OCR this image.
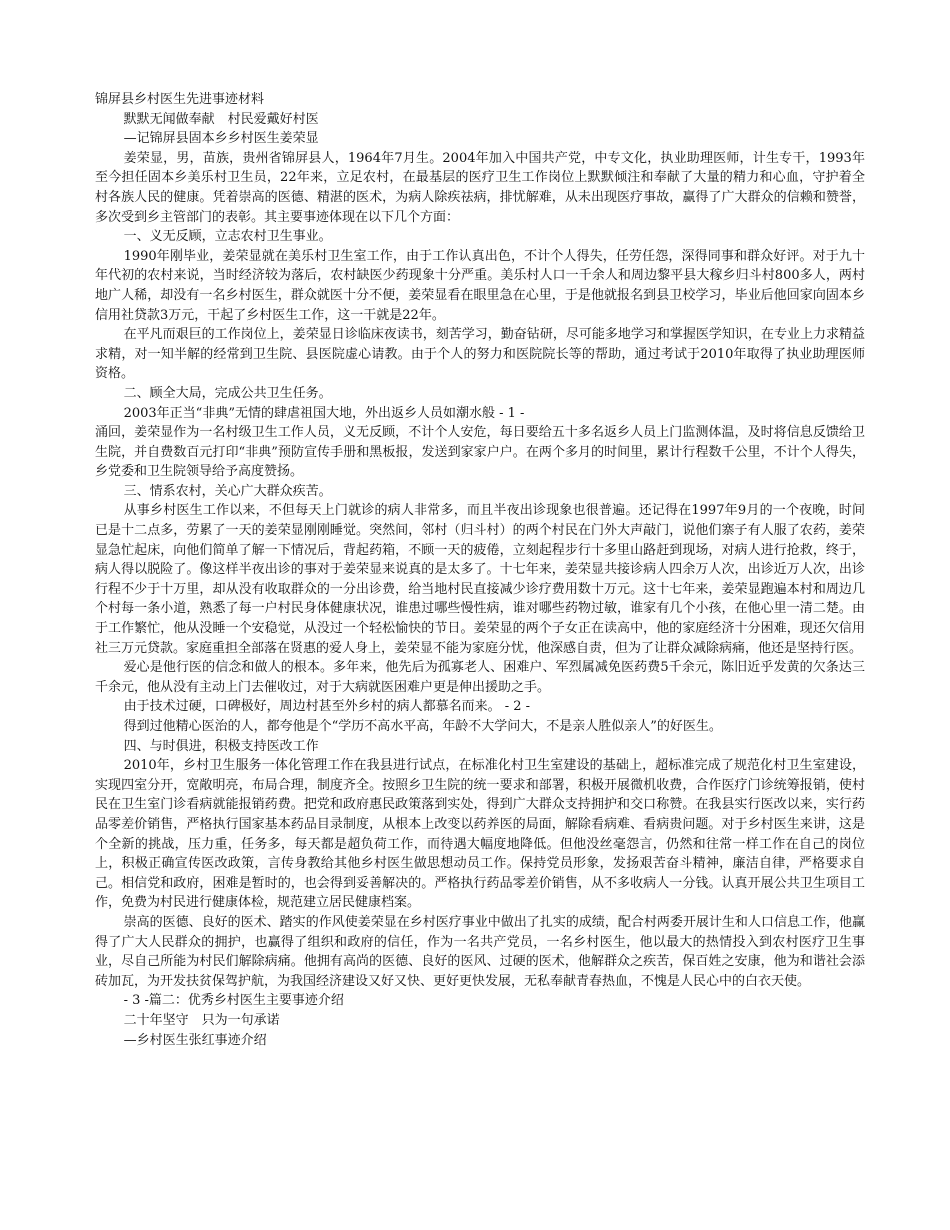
锦屏县乡村医生先进事迹材料

默默无闻做奉献　村民爱戴好村医

—记锦屏县固本乡乡村医生姜荣显

姜荣显，男，苗族，贵州省锦屏县人，1964年7月生。2004年加入中国共产党，中专文化，执业助理医师，计生专干，1993年至今担任固本乡美乐村卫生员，22年来，立足农村，在最基层的医疗卫生工作岗位上默默倾注和奉献了大量的精力和心血，守护着全村各族人民的健康。凭着崇高的医德、精湛的医术，为病人除疾祛病，排忧解难，从未出现医疗事故，赢得了广大群众的信赖和赞誉，多次受到乡主管部门的表彰。其主要事迹体现在以下几个方面：

一、义无反顾，立志农村卫生事业。

1990年刚毕业，姜荣显就在美乐村卫生室工作，由于工作认真出色，不计个人得失，任劳任怨，深得同事和群众好评。对于九十年代初的农村来说，当时经济较为落后，农村缺医少药现象十分严重。美乐村人口一千余人和周边黎平县大稼乡归斗村800多人，两村地广人稀，却没有一名乡村医生，群众就医十分不便，姜荣显看在眼里急在心里，于是他就报名到县卫校学习，毕业后他回家向固本乡信用社贷款3万元，干起了乡村医生工作，这一干就是22年。

在平凡而艰巨的工作岗位上，姜荣显日诊临床夜读书，刻苦学习，勤奋钻研，尽可能多地学习和掌握医学知识，在专业上力求精益求精，对一知半解的经常到卫生院、县医院虚心请教。由于个人的努力和医院院长等的帮助，通过考试于2010年取得了执业助理医师资格。

二、顾全大局，完成公共卫生任务。

2003年正当“非典”无情的肆虐祖国大地，外出返乡人员如潮水般 - 1 -

涌回，姜荣显作为一名村级卫生工作人员，义无反顾，不计个人安危，每日要给五十多名返乡人员上门监测体温，及时将信息反馈给卫生院，并自费数百元打印“非典”预防宣传手册和黑板报，发送到家家户户。在两个多月的时间里，累计行程数千公里，不计个人得失，乡党委和卫生院领导给予高度赞扬。

三、情系农村，关心广大群众疾苦。

从事乡村医生工作以来，不但每天上门就诊的病人非常多，而且半夜出诊现象也很普遍。还记得在1997年9月的一个夜晚，时间已是十二点多，劳累了一天的姜荣显刚刚睡觉。突然间，邻村（归斗村）的两个村民在门外大声敲门，说他们寨子有人服了农药，姜荣显急忙起床，向他们简单了解一下情况后，背起药箱，不顾一天的疲倦，立刻起程步行十多里山路赶到现场，对病人进行抢救，终于，病人得以脱险了。像这样半夜出诊的事对于姜荣显来说真的是太多了。十七年来，姜荣显共接诊病人四余万人次，出诊近万人次，出诊行程不少于十万里，却从没有收取群众的一分出诊费，给当地村民直接减少诊疗费用数十万元。这十七年来，姜荣显跑遍本村和周边几个村每一条小道，熟悉了每一户村民身体健康状况，谁患过哪些慢性病，谁对哪些药物过敏，谁家有几个小孩，在他心里一清二楚。由于工作繁忙，他从没睡一个安稳觉，从没过一个轻松愉快的节日。姜荣显的两个子女正在读高中，他的家庭经济十分困难，现还欠信用社三万元贷款。家庭重担全部落在贤惠的爱人身上，姜荣显不能为家庭分忧，他深感自责，但为了让群众减除病痛，他还是坚持行医。

爱心是他行医的信念和做人的根本。多年来，他先后为孤寡老人、困难户、军烈属减免医药费5千余元，陈旧近乎发黄的欠条达三千余元，他从没有主动上门去催收过，对于大病就医困难户更是伸出援助之手。

由于技术过硬，口碑极好，周边村甚至外乡村的病人都慕名而来。 - 2 -

得到过他精心医治的人，都夸他是个“学历不高水平高，年龄不大学问大，不是亲人胜似亲人”的好医生。

四、与时俱进，积极支持医改工作

2010年，乡村卫生服务一体化管理工作在我县进行试点，在标准化村卫生室建设的基础上，超标准完成了规范化村卫生室建设，实现四室分开，宽敞明亮，布局合理，制度齐全。按照乡卫生院的统一要求和部署，积极开展微机收费，合作医疗门诊统筹报销，使村民在卫生室门诊看病就能报销药费。把党和政府惠民政策落到实处，得到广大群众支持拥护和交口称赞。在我县实行医改以来，实行药品零差价销售，严格执行国家基本药品目录制度，从根本上改变以药养医的局面，解除看病难、看病贵问题。对于乡村医生来讲，这是个全新的挑战，压力重，任务多，每天都是超负荷工作，而待遇大幅度地降低。但他没丝毫怨言，仍然和往常一样工作在自己的岗位上，积极正确宣传医改政策，言传身教给其他乡村医生做思想动员工作。保持党员形象，发扬艰苦奋斗精神，廉洁自律，严格要求自己。相信党和政府，困难是暂时的，也会得到妥善解决的。严格执行药品零差价销售，从不多收病人一分钱。认真开展公共卫生项目工作，免费为村民进行健康体检，规范建立居民健康档案。

崇高的医德、良好的医术、踏实的作风使姜荣显在乡村医疗事业中做出了扎实的成绩，配合村两委开展计生和人口信息工作，他赢得了广大人民群众的拥护，也赢得了组织和政府的信任，作为一名共产党员，一名乡村医生，他以最大的热情投入到农村医疗卫生事业，尽自己所能为村民们解除病痛。他拥有高尚的医德、良好的医风、过硬的医术，他解群众之疾苦，保百姓之安康，他为和谐社会添砖加瓦，为开发扶贫保驾护航，为我国经济建设又好又快、更好更快发展，无私奉献青春热血，不愧是人民心中的白衣天使。

- 3 -篇二：优秀乡村医生主要事迹介绍

二十年坚守　只为一句承诺

—乡村医生张红事迹介绍
